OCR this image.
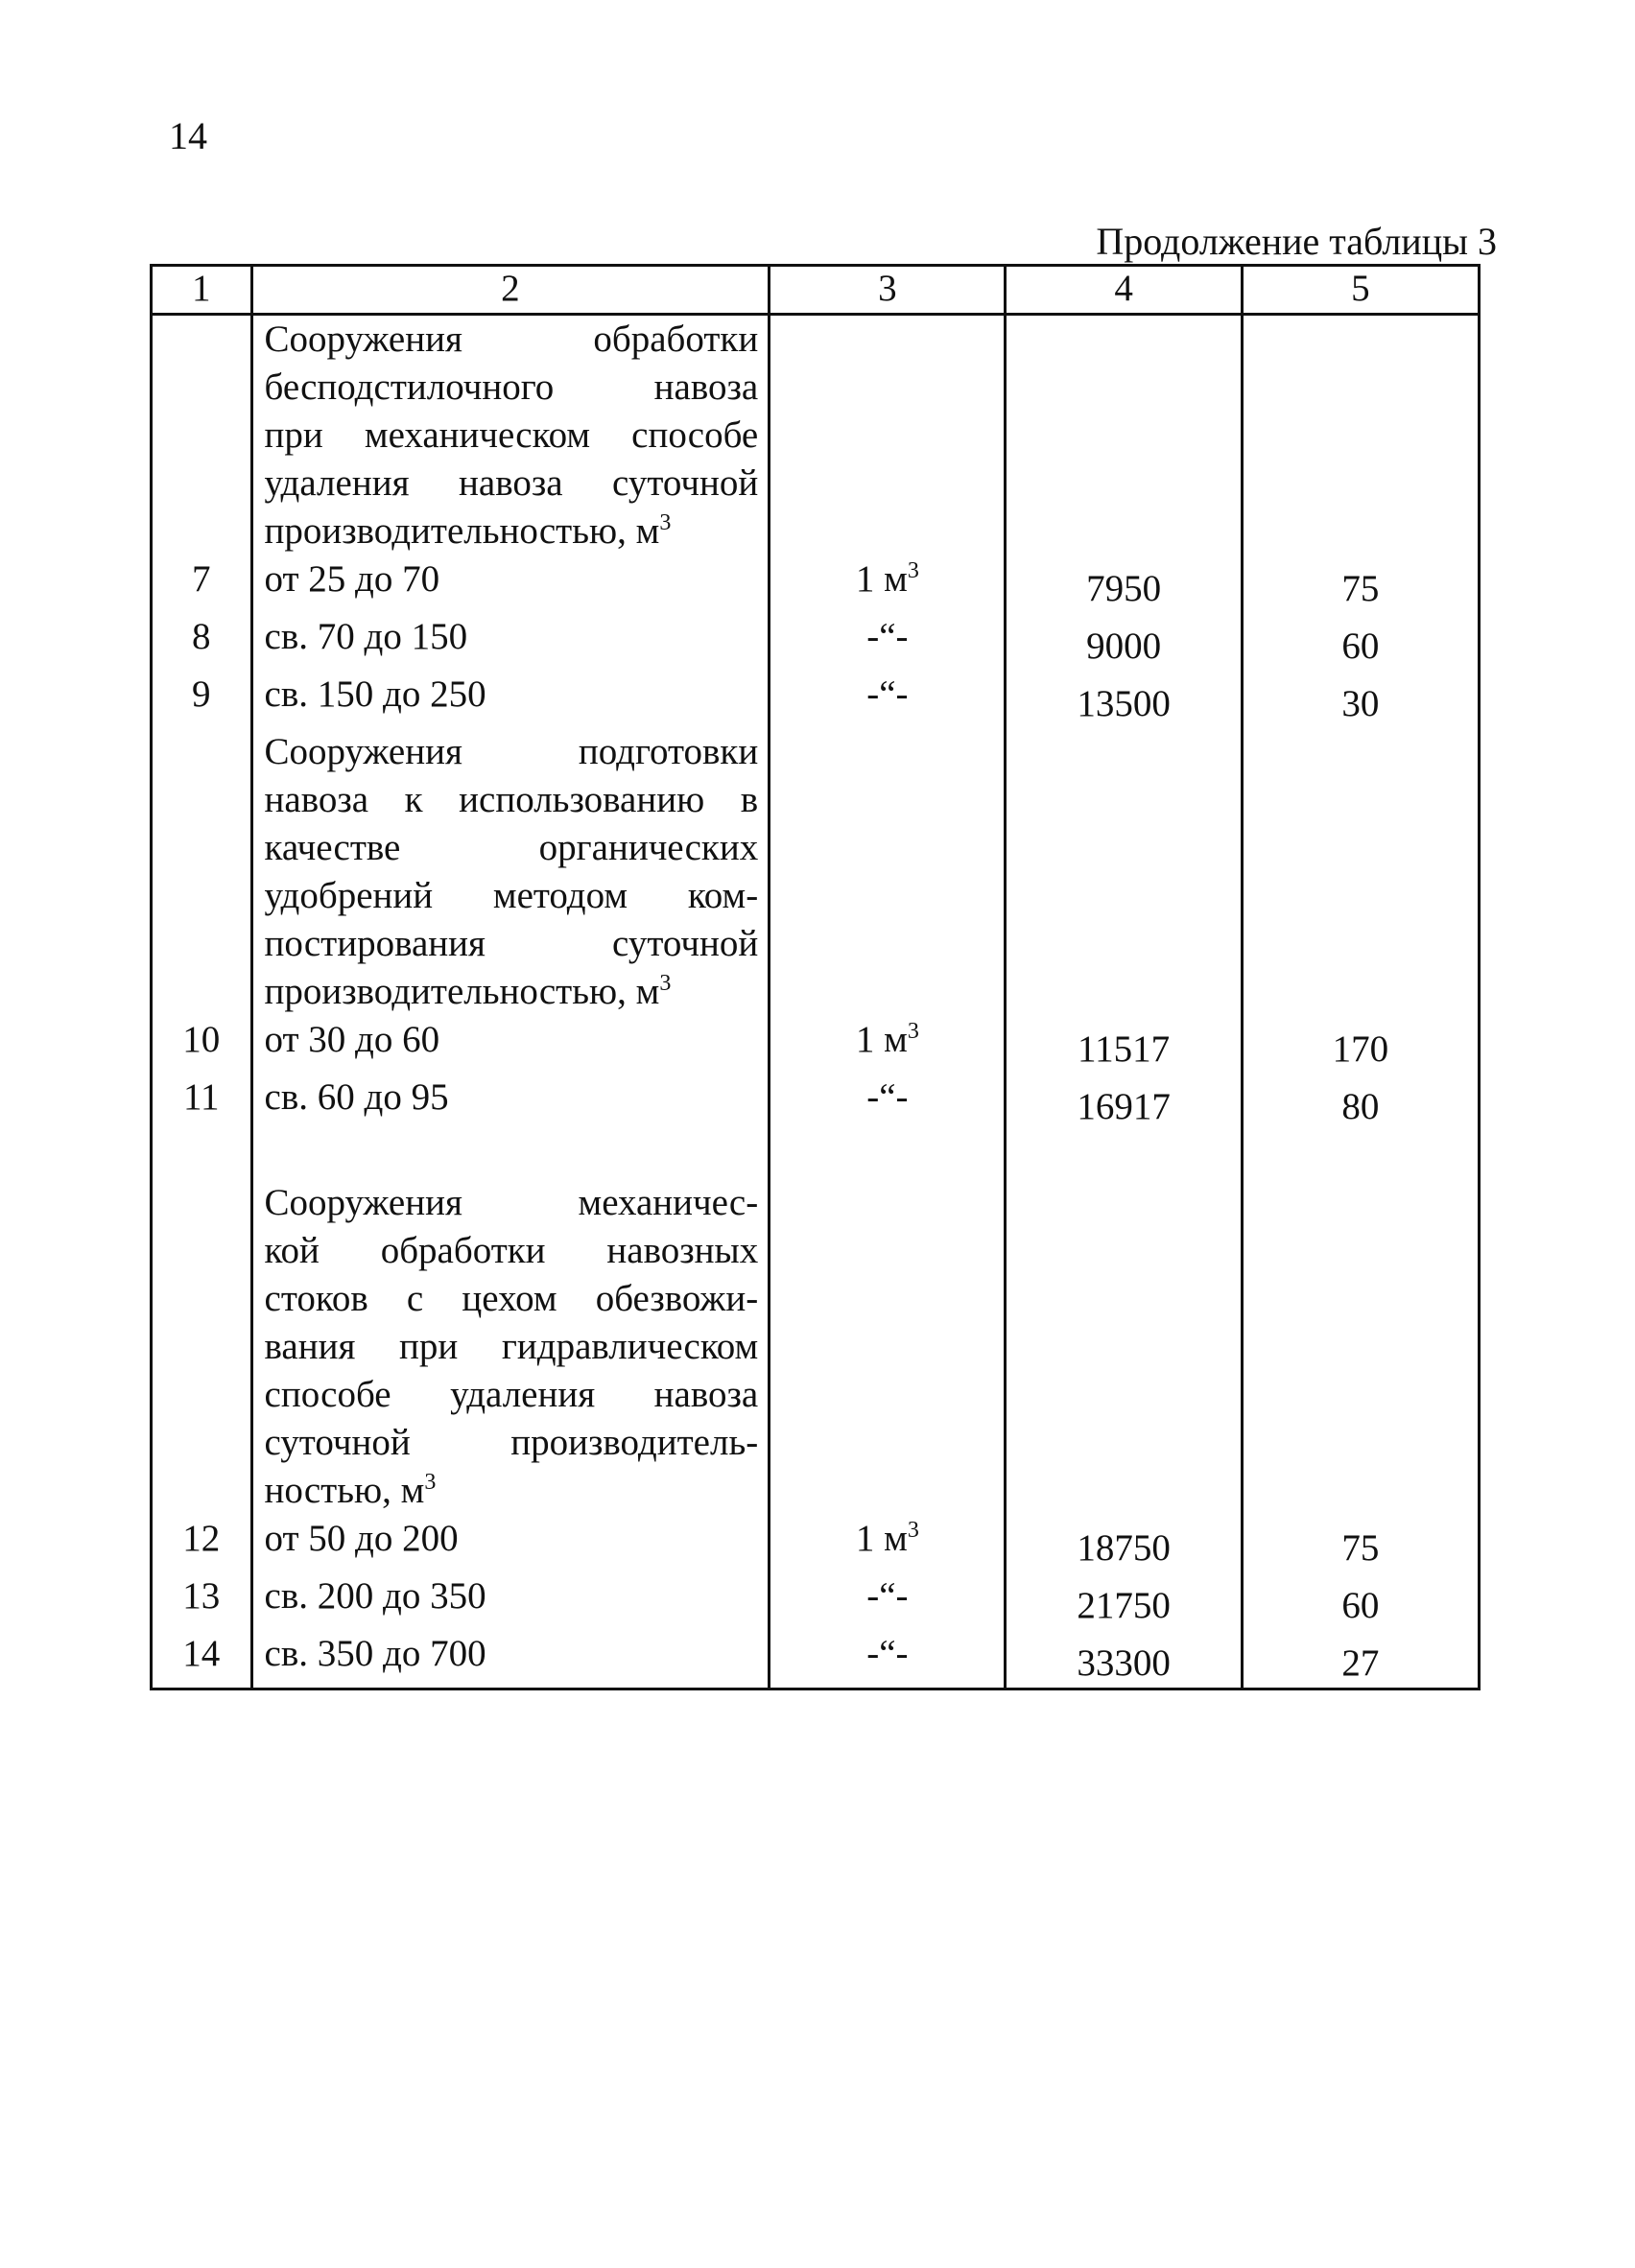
14
Продолжение таблицы 3
1	2	3	4	5
	Сооружения обработки			
	бесподстилочного навоза			
	при механическом способе			
	удаления навоза суточной			
	производительностью, $м^3$			
7	от 25 до 70	1 $м^3$	7950	75
8	св. 70 до 150	-“-	9000	60
9	св. 150 до 250	-“-	13500	30
	Сооружения подготовки			
	навоза к использованию в			
	качестве органических			
	удобрений методом ком-			
	постирования суточной			
	производительностью, $м^3$			
10	от 30 до 60	1 $м^3$	11517	170
11	св. 60 до 95	-“-	16917	80

	Сооружения механичес-			
	кой обработки навозных			
	стоков с цехом обезвожи-			
	вания при гидравлическом			
	способе удаления навоза			
	суточной производитель-			
	ностью, $м^3$			
12	от 50 до 200	1 $м^3$	18750	75
13	св. 200 до 350	-“-	21750	60
14	св. 350 до 700	-“-	33300	27
